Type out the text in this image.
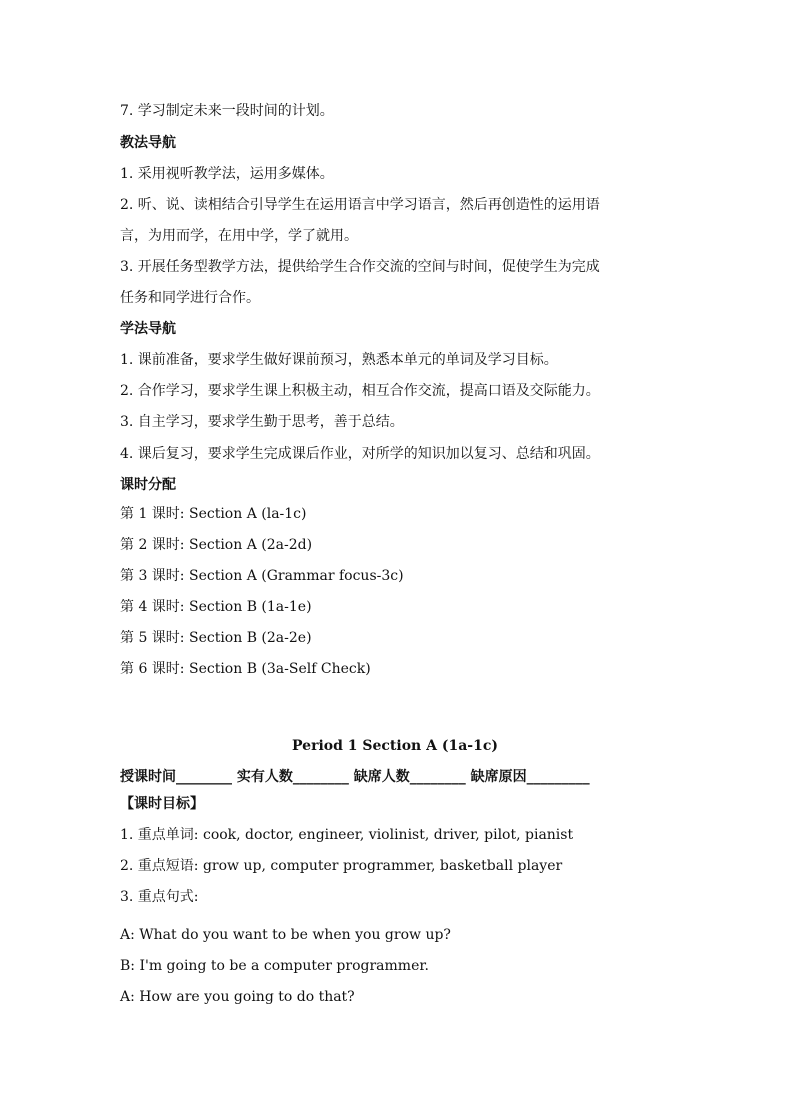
7. 学习制定未来一段时间的计划。
教法导航
1. 采用视听教学法，运用多媒体。
2. 听、说、读相结合引导学生在运用语言中学习语言，然后再创造性的运用语
言，为用而学，在用中学，学了就用。
3. 开展任务型教学方法，提供给学生合作交流的空间与时间，促使学生为完成
任务和同学进行合作。
学法导航
1. 课前准备，要求学生做好课前预习，熟悉本单元的单词及学习目标。
2. 合作学习，要求学生课上积极主动，相互合作交流，提高口语及交际能力。
3. 自主学习，要求学生勤于思考，善于总结。
4. 课后复习，要求学生完成课后作业，对所学的知识加以复习、总结和巩固。
课时分配
第 1 课时: Section A (la-1c)
第 2 课时: Section A (2a-2d)
第 3 课时: Section A (Grammar focus-3c)
第 4 课时: Section B (1a-1e)
第 5 课时: Section B (2a-2e)
第 6 课时: Section B (3a-Self Check)
Period 1 Section A (1a-1c)
授课时间________ 实有人数________ 缺席人数________ 缺席原因_________
【课时目标】
1. 重点单词: cook, doctor, engineer, violinist, driver, pilot, pianist
2. 重点短语: grow up, computer programmer, basketball player
3. 重点句式:
A: What do you want to be when you grow up?
B: I'm going to be a computer programmer.
A: How are you going to do that?
